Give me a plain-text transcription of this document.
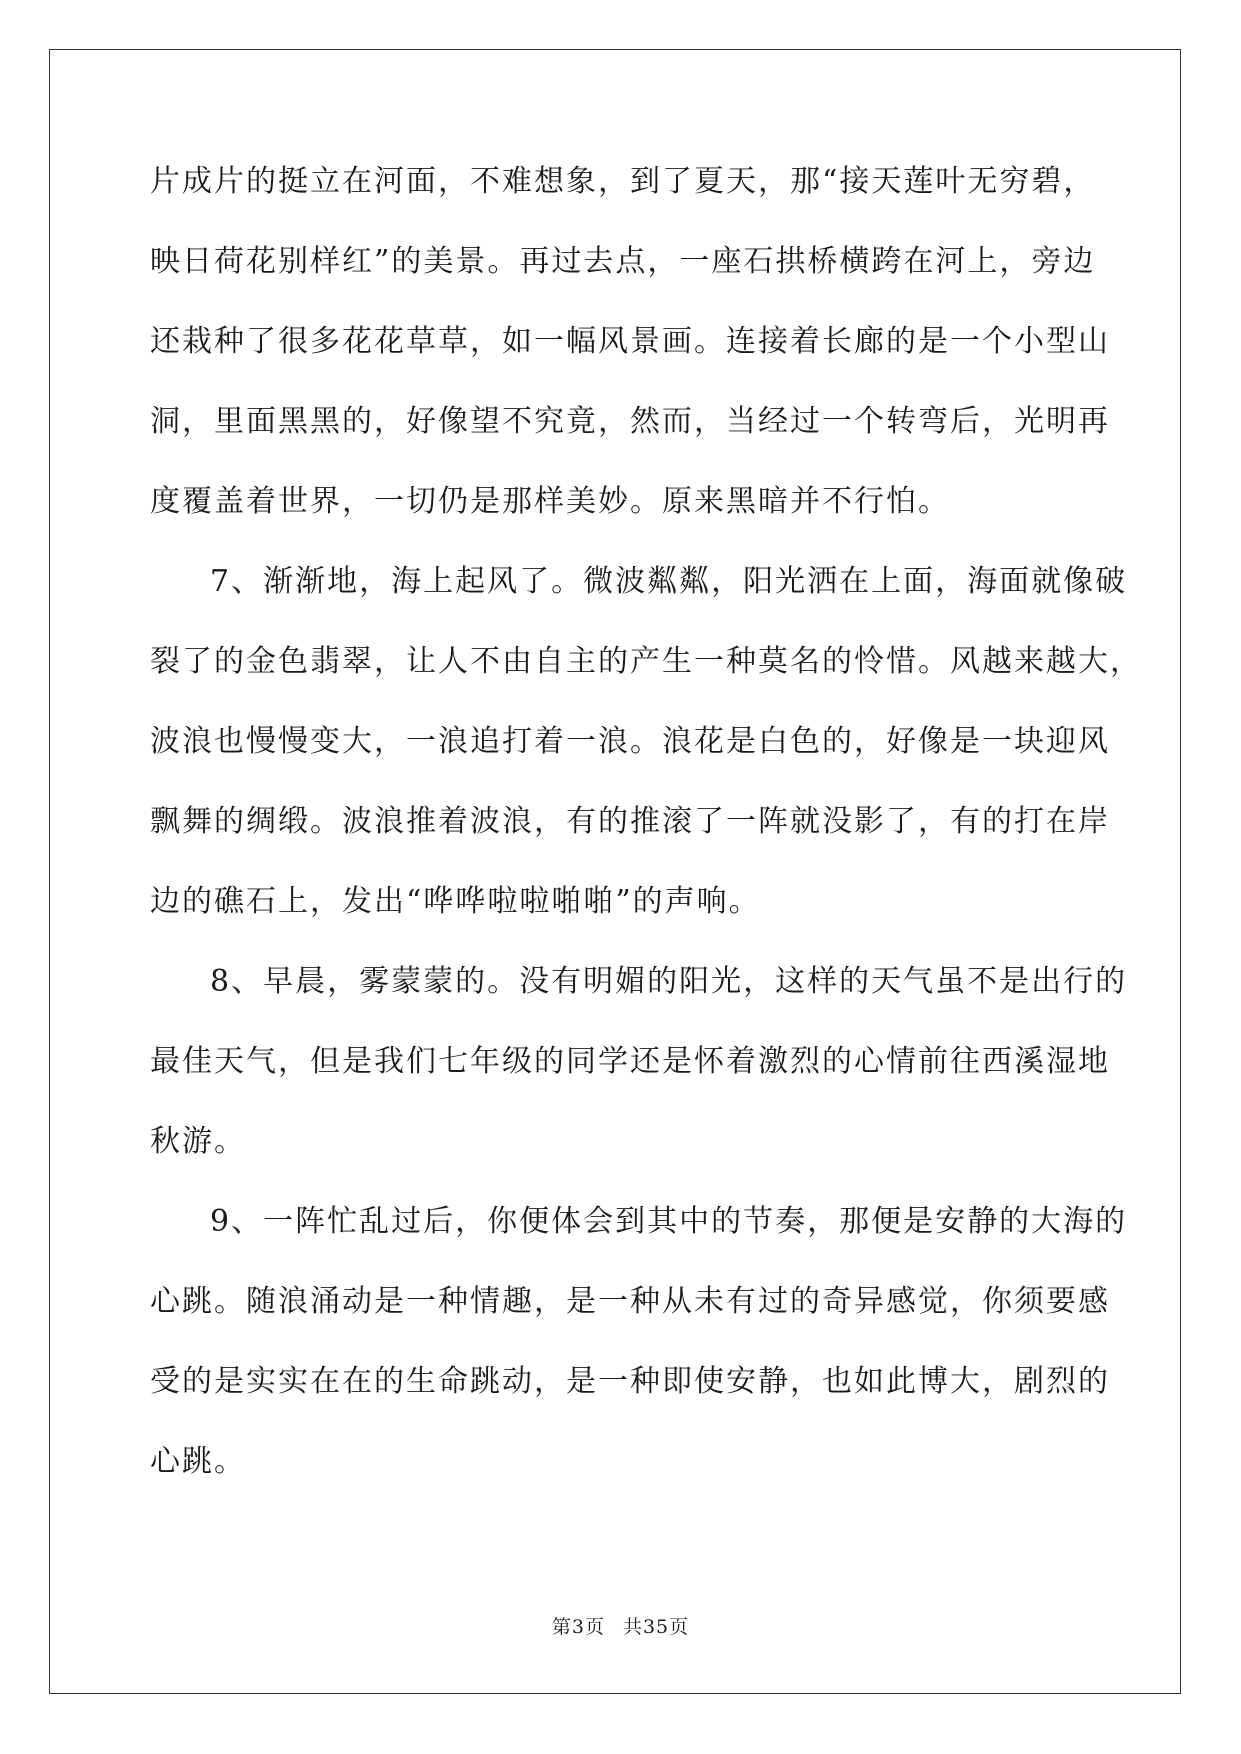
片成片的挺立在河面，不难想象，到了夏天，那“接天莲叶无穷碧，
映日荷花别样红”的美景。再过去点，一座石拱桥横跨在河上，旁边
还栽种了很多花花草草，如一幅风景画。连接着长廊的是一个小型山
洞，里面黑黑的，好像望不究竟，然而，当经过一个转弯后，光明再
度覆盖着世界，一切仍是那样美妙。原来黑暗并不行怕。
7、渐渐地，海上起风了。微波粼粼，阳光洒在上面，海面就像破
裂了的金色翡翠，让人不由自主的产生一种莫名的怜惜。风越来越大，
波浪也慢慢变大，一浪追打着一浪。浪花是白色的，好像是一块迎风
飘舞的绸缎。波浪推着波浪，有的推滚了一阵就没影了，有的打在岸
边的礁石上，发出“哗哗啦啦啪啪”的声响。
8、早晨，雾蒙蒙的。没有明媚的阳光，这样的天气虽不是出行的
最佳天气，但是我们七年级的同学还是怀着激烈的心情前往西溪湿地
秋游。
9、一阵忙乱过后，你便体会到其中的节奏，那便是安静的大海的
心跳。随浪涌动是一种情趣，是一种从未有过的奇异感觉，你须要感
受的是实实在在的生命跳动，是一种即使安静，也如此博大，剧烈的
心跳。
第3页 共35页
